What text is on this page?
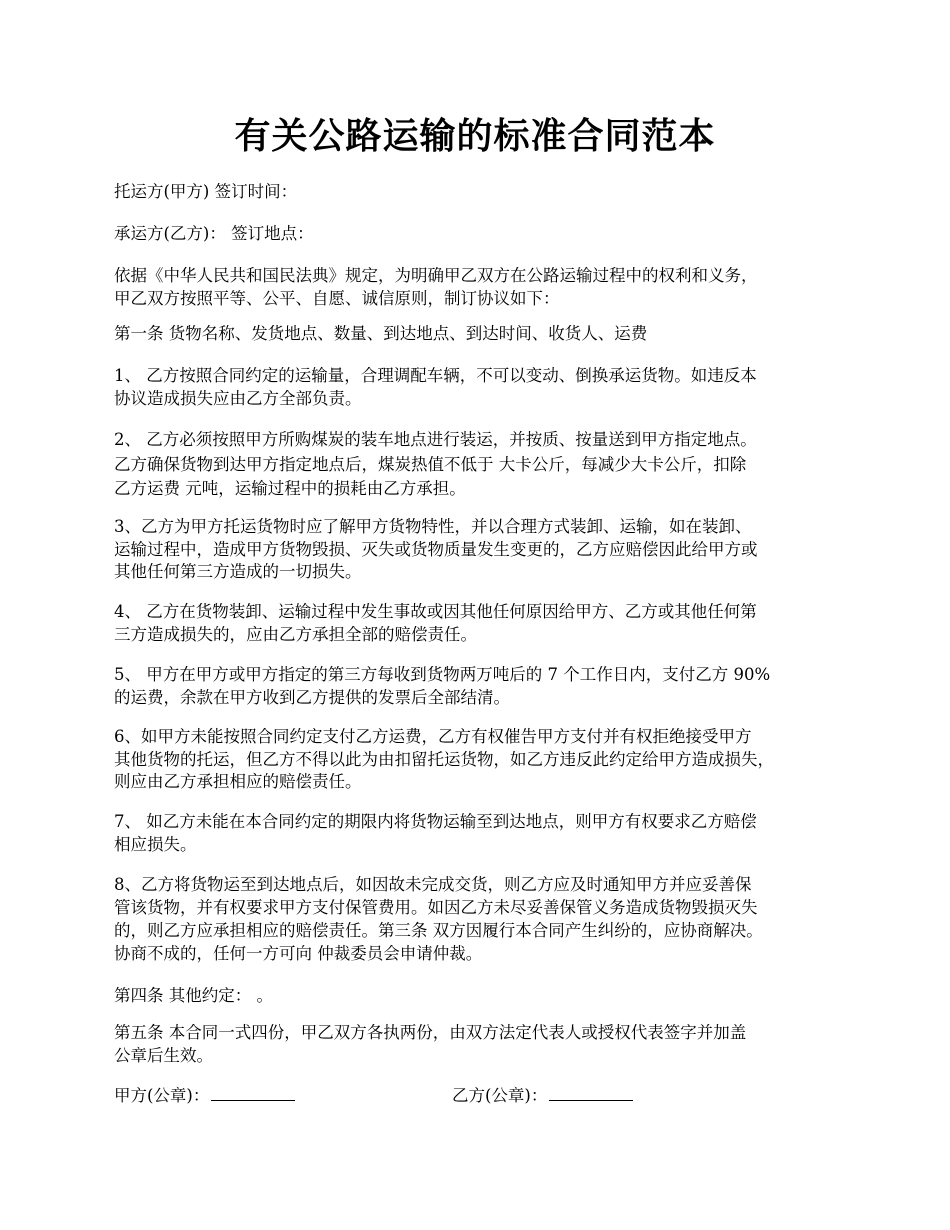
有关公路运输的标准合同范本
托运方(甲方) 签订时间：
承运方(乙方)： 签订地点：
依据《中华人民共和国民法典》规定，为明确甲乙双方在公路运输过程中的权利和义务，
甲乙双方按照平等、公平、自愿、诚信原则，制订协议如下：
第一条 货物名称、发货地点、数量、到达地点、到达时间、收货人、运费
1、 乙方按照合同约定的运输量，合理调配车辆，不可以变动、倒换承运货物。如违反本
协议造成损失应由乙方全部负责。
2、 乙方必须按照甲方所购煤炭的装车地点进行装运，并按质、按量送到甲方指定地点。
乙方确保货物到达甲方指定地点后，煤炭热值不低于 大卡公斤，每减少大卡公斤，扣除
乙方运费 元吨，运输过程中的损耗由乙方承担。
3、乙方为甲方托运货物时应了解甲方货物特性，并以合理方式装卸、运输，如在装卸、
运输过程中，造成甲方货物毁损、灭失或货物质量发生变更的，乙方应赔偿因此给甲方或
其他任何第三方造成的一切损失。
4、 乙方在货物装卸、运输过程中发生事故或因其他任何原因给甲方、乙方或其他任何第
三方造成损失的，应由乙方承担全部的赔偿责任。
5、 甲方在甲方或甲方指定的第三方每收到货物两万吨后的 7 个工作日内，支付乙方 90%
的运费，余款在甲方收到乙方提供的发票后全部结清。
6、如甲方未能按照合同约定支付乙方运费，乙方有权催告甲方支付并有权拒绝接受甲方
其他货物的托运，但乙方不得以此为由扣留托运货物，如乙方违反此约定给甲方造成损失，
则应由乙方承担相应的赔偿责任。
7、 如乙方未能在本合同约定的期限内将货物运输至到达地点，则甲方有权要求乙方赔偿
相应损失。
8、乙方将货物运至到达地点后，如因故未完成交货，则乙方应及时通知甲方并应妥善保
管该货物，并有权要求甲方支付保管费用。如因乙方未尽妥善保管义务造成货物毁损灭失
的，则乙方应承担相应的赔偿责任。第三条 双方因履行本合同产生纠纷的，应协商解决。
协商不成的，任何一方可向 仲裁委员会申请仲裁。
第四条 其他约定： 。
第五条 本合同一式四份，甲乙双方各执两份，由双方法定代表人或授权代表签字并加盖
公章后生效。
甲方(公章)：	乙方(公章)：
